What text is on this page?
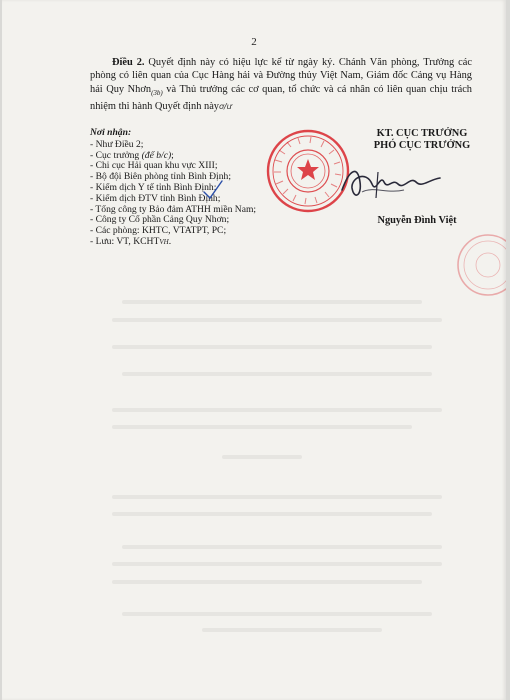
2
Điều 2. Quyết định này có hiệu lực kể từ ngày ký. Chánh Văn phòng, Trưởng các phòng có liên quan của Cục Hàng hải và Đường thủy Việt Nam, Giám đốc Cảng vụ Hàng hải Quy Nhơn$_{(3b)}$ và Thủ trưởng các cơ quan, tổ chức và cá nhân có liên quan chịu trách nhiệm thi hành Quyết định nàyơ/ư
Nơi nhận:
- Như Điều 2;
- Cục trưởng (để b/c);
- Chi cục Hải quan khu vực XIII;
- Bộ đội Biên phòng tỉnh Bình Định;
- Kiểm dịch Y tế tỉnh Bình Định;
- Kiểm dịch ĐTV tỉnh Bình Định;
- Tổng công ty Bảo đảm ATHH miền Nam;
- Công ty Cổ phần Cảng Quy Nhơn;
- Các phòng: KHTC, VTATPT, PC;
- Lưu: VT, KCHTVH.
KT. CỤC TRƯỞNG
PHÓ CỤC TRƯỞNG
Nguyễn Đình Việt
